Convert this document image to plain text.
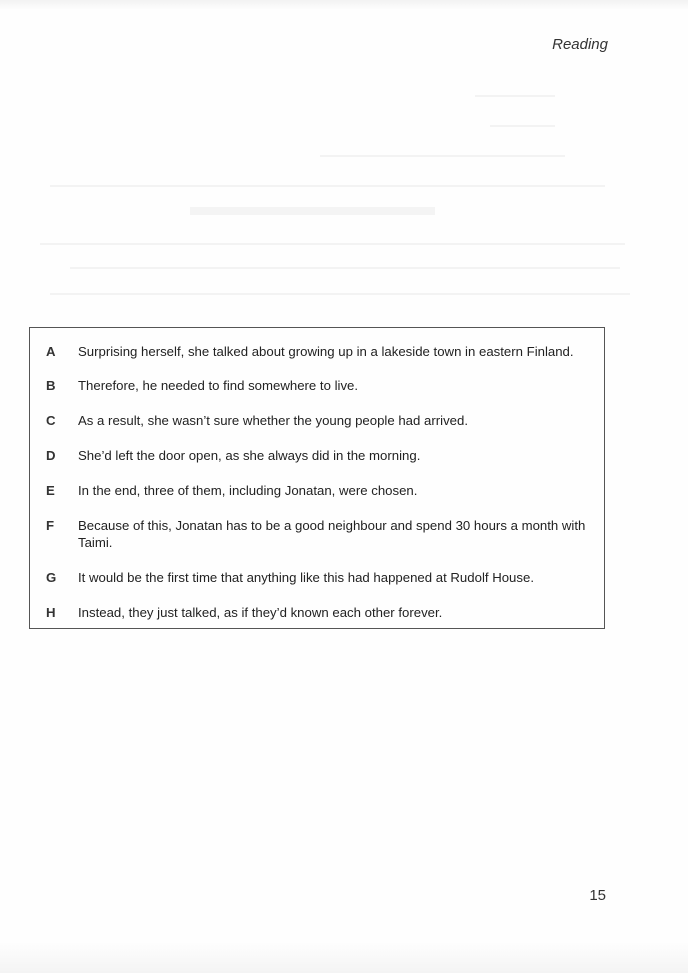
Reading
A	Surprising herself, she talked about growing up in a lakeside town in eastern Finland.
B	Therefore, he needed to find somewhere to live.
C	As a result, she wasn’t sure whether the young people had arrived.
D	She’d left the door open, as she always did in the morning.
E	In the end, three of them, including Jonatan, were chosen.
F	Because of this, Jonatan has to be a good neighbour and spend 30 hours a month with Taimi.
G	It would be the first time that anything like this had happened at Rudolf House.
H	Instead, they just talked, as if they’d known each other forever.
15
